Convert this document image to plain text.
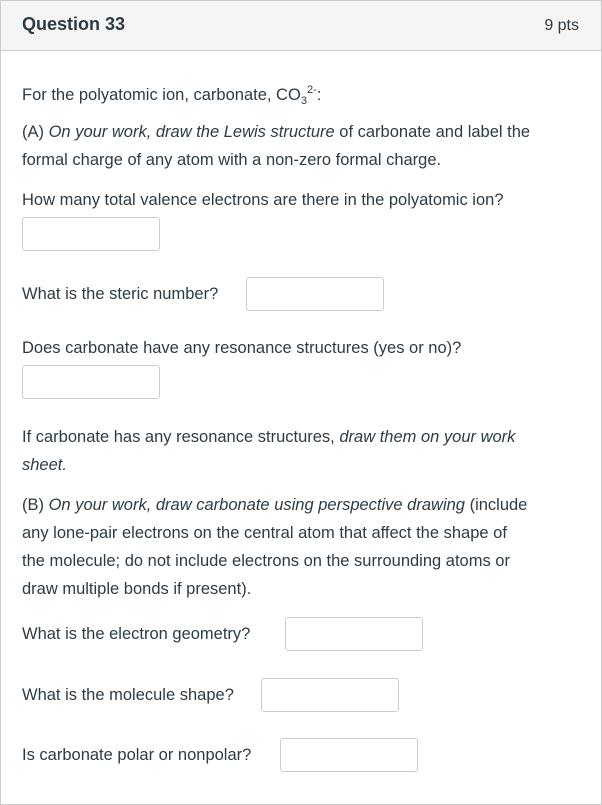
Question 33	9 pts
For the polyatomic ion, carbonate, $CO_3^{2-}$:
(A) On your work, draw the Lewis structure of carbonate and label the
formal charge of any atom with a non-zero formal charge.
How many total valence electrons are there in the polyatomic ion?
What is the steric number?
Does carbonate have any resonance structures (yes or no)?
If carbonate has any resonance structures, draw them on your work
sheet.
(B) On your work, draw carbonate using perspective drawing (include
any lone-pair electrons on the central atom that affect the shape of
the molecule; do not include electrons on the surrounding atoms or
draw multiple bonds if present).
What is the electron geometry?
What is the molecule shape?
Is carbonate polar or nonpolar?
